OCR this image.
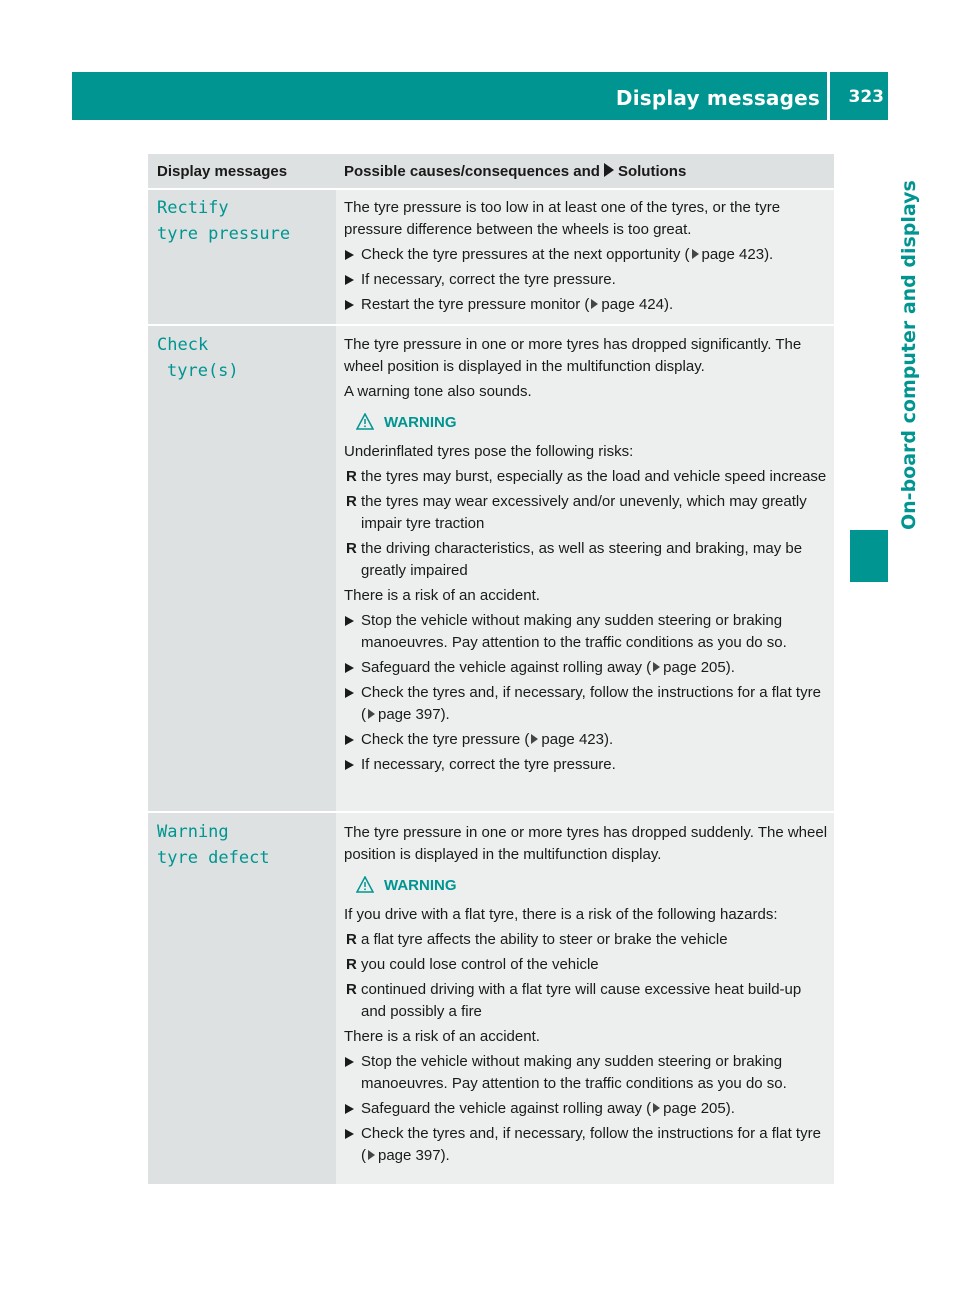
Display messages 323
On-board computer and displays
Display messages	Possible causes/consequences and Solutions
Rectify
tyre pressure

The tyre pressure is too low in at least one of the tyres, or the tyre pressure difference between the wheels is too great.

Check the tyre pressures at the next opportunity ( page 423).
If necessary, correct the tyre pressure.
Restart the tyre pressure monitor ( page 424).
Check
tyre(s)

The tyre pressure in one or more tyres has dropped significantly. The wheel position is displayed in the multifunction display.

A warning tone also sounds.

WARNING

Underinflated tyres pose the following risks:

R the tyres may burst, especially as the load and vehicle speed increase
R the tyres may wear excessively and/or unevenly, which may greatly impair tyre traction
R the driving characteristics, as well as steering and braking, may be greatly impaired

There is a risk of an accident.

Stop the vehicle without making any sudden steering or braking manoeuvres. Pay attention to the traffic conditions as you do so.
Safeguard the vehicle against rolling away ( page 205).
Check the tyres and, if necessary, follow the instructions for a flat tyre ( page 397).
Check the tyre pressure ( page 423).
If necessary, correct the tyre pressure.
Warning
tyre defect

The tyre pressure in one or more tyres has dropped suddenly. The wheel position is displayed in the multifunction display.

WARNING

If you drive with a flat tyre, there is a risk of the following hazards:

R a flat tyre affects the ability to steer or brake the vehicle
R you could lose control of the vehicle
R continued driving with a flat tyre will cause excessive heat build-up and possibly a fire

There is a risk of an accident.

Stop the vehicle without making any sudden steering or braking manoeuvres. Pay attention to the traffic conditions as you do so.
Safeguard the vehicle against rolling away ( page 205).
Check the tyres and, if necessary, follow the instructions for a flat tyre ( page 397).
